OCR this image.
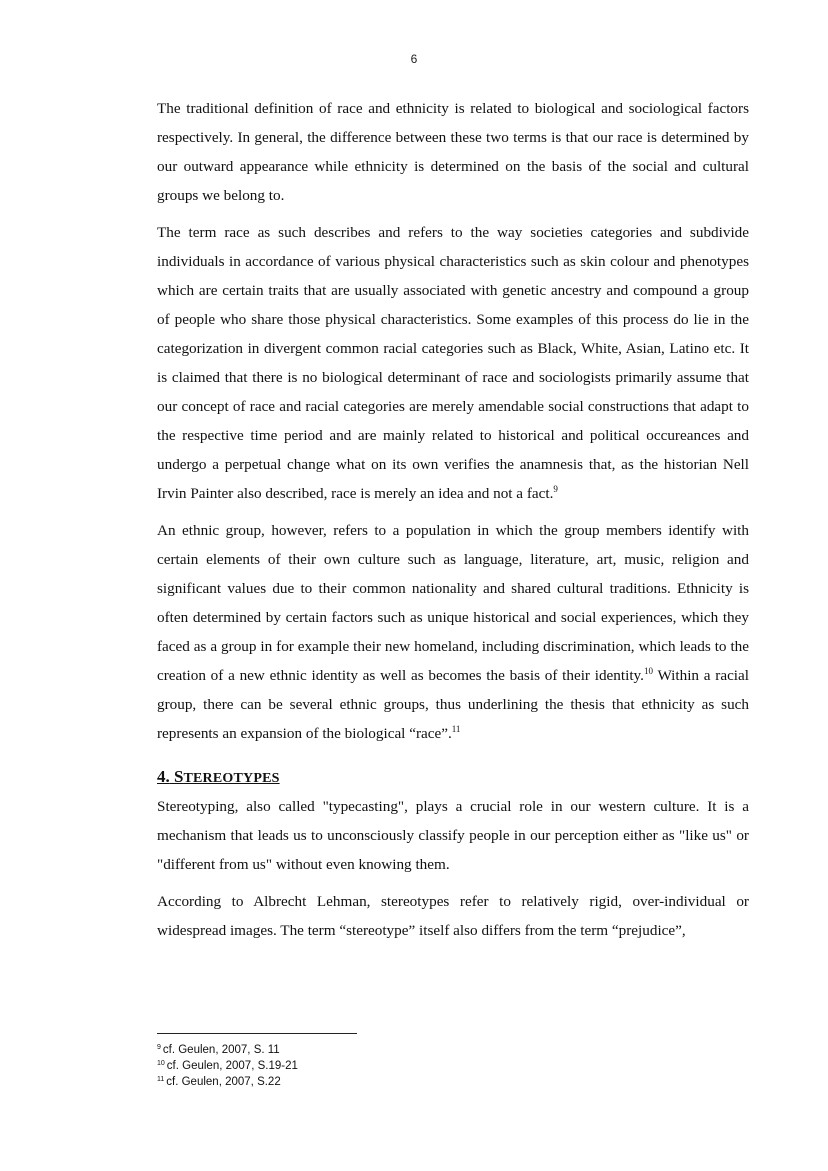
6

The traditional definition of race and ethnicity is related to biological and sociological factors respectively. In general, the difference between these two terms is that our race is determined by our outward appearance while ethnicity is determined on the basis of the social and cultural groups we belong to.

The term race as such describes and refers to the way societies categories and subdivide individuals in accordance of various physical characteristics such as skin colour and phenotypes which are certain traits that are usually associated with genetic ancestry and compound a group of people who share those physical characteristics. Some examples of this process do lie in the categorization in divergent common racial categories such as Black, White, Asian, Latino etc. It is claimed that there is no biological determinant of race and sociologists primarily assume that our concept of race and racial categories are merely amendable social constructions that adapt to the respective time period and are mainly related to historical and political occureances and undergo a perpetual change what on its own verifies the anamnesis that, as the historian Nell Irvin Painter also described, race is merely an idea and not a fact.$^9$

An ethnic group, however, refers to a population in which the group members identify with certain elements of their own culture such as language, literature, art, music, religion and significant values due to their common nationality and shared cultural traditions. Ethnicity is often determined by certain factors such as unique historical and social experiences, which they faced as a group in for example their new homeland, including discrimination, which leads to the creation of a new ethnic identity as well as becomes the basis of their identity.$^{10}$ Within a racial group, there can be several ethnic groups, thus underlining the thesis that ethnicity as such represents an expansion of the biological “race”.$^{11}$

4. STEREOTYPES

Stereotyping, also called "typecasting", plays a crucial role in our western culture. It is a mechanism that leads us to unconsciously classify people in our perception either as "like us" or "different from us" without even knowing them.

According to Albrecht Lehman, stereotypes refer to relatively rigid, over-individual or widespread images. The term “stereotype” itself also differs from the term “prejudice”,

$^9$ cf. Geulen, 2007, S. 11
$^{10}$ cf. Geulen, 2007, S.19-21
$^{11}$ cf. Geulen, 2007, S.22
